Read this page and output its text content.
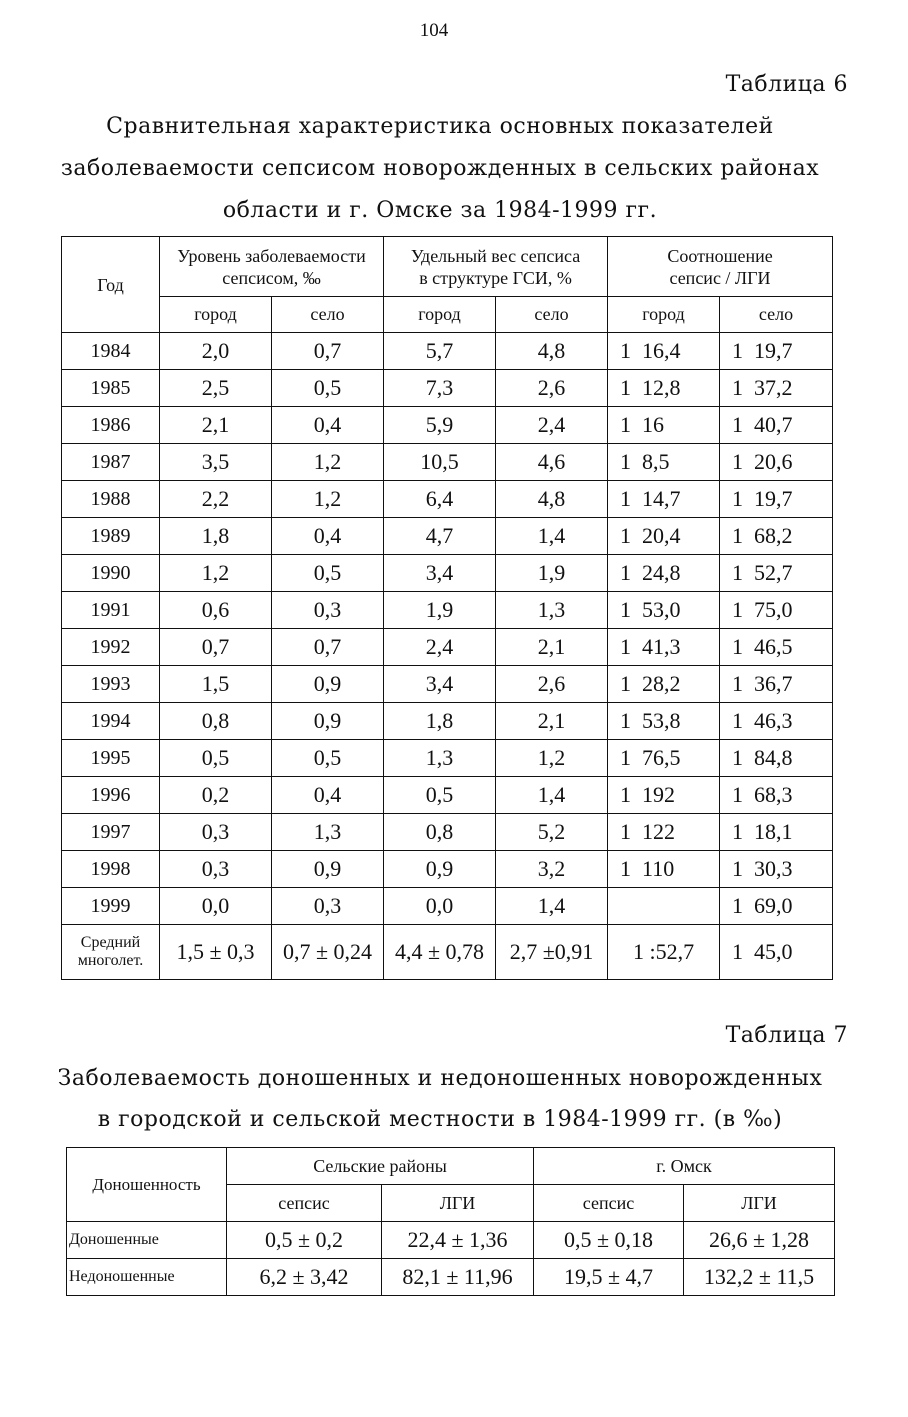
104
Таблица 6
Сравнительная характеристика основных показателей
заболеваемости сепсисом новорожденных в сельских районах
области и г. Омске за 1984-1999 гг.
Год	Уровень заболеваемости
сепсисом, ‰		Удельный вес сепсиса
в структуре ГСИ, %		Соотношение
сепсис / ЛГИ	
	город	село	город	село	город	село
1984	2,0	0,7	5,7	4,8	1 16,4	1 19,7

1985	2,5	0,5	7,3	2,6	1 12,8	1 37,2

1986	2,1	0,4	5,9	2,4	1 16	1 40,7

1987	3,5	1,2	10,5	4,6	1 8,5	1 20,6

1988	2,2	1,2	6,4	4,8	1 14,7	1 19,7

1989	1,8	0,4	4,7	1,4	1 20,4	1 68,2

1990	1,2	0,5	3,4	1,9	1 24,8	1 52,7

1991	0,6	0,3	1,9	1,3	1 53,0	1 75,0

1992	0,7	0,7	2,4	2,1	1 41,3	1 46,5

1993	1,5	0,9	3,4	2,6	1 28,2	1 36,7

1994	0,8	0,9	1,8	2,1	1 53,8	1 46,3

1995	0,5	0,5	1,3	1,2	1 76,5	1 84,8

1996	0,2	0,4	0,5	1,4	1 192	1 68,3

1997	0,3	1,3	0,8	5,2	1 122	1 18,1

1998	0,3	0,9	0,9	3,2	1 110	1 30,3

1999	0,0	0,3	0,0	1,4		1 69,0

Средний
многолет.	1,5 ± 0,3	0,7 ± 0,24	4,4 ± 0,78	2,7 ±0,91	1 :52,7	1 45,0
Таблица 7
Заболеваемость доношенных и недоношенных новорожденных
в городской и сельской местности в 1984-1999 гг. (в ‰)
Доношенность	Сельские районы		г. Омск	
	сепсис	ЛГИ	сепсис	ЛГИ
Доношенные	0,5 ± 0,2	22,4 ± 1,36	0,5 ± 0,18	26,6 ± 1,28
Недоношенные	6,2 ± 3,42	82,1 ± 11,96	19,5 ± 4,7	132,2 ± 11,5
